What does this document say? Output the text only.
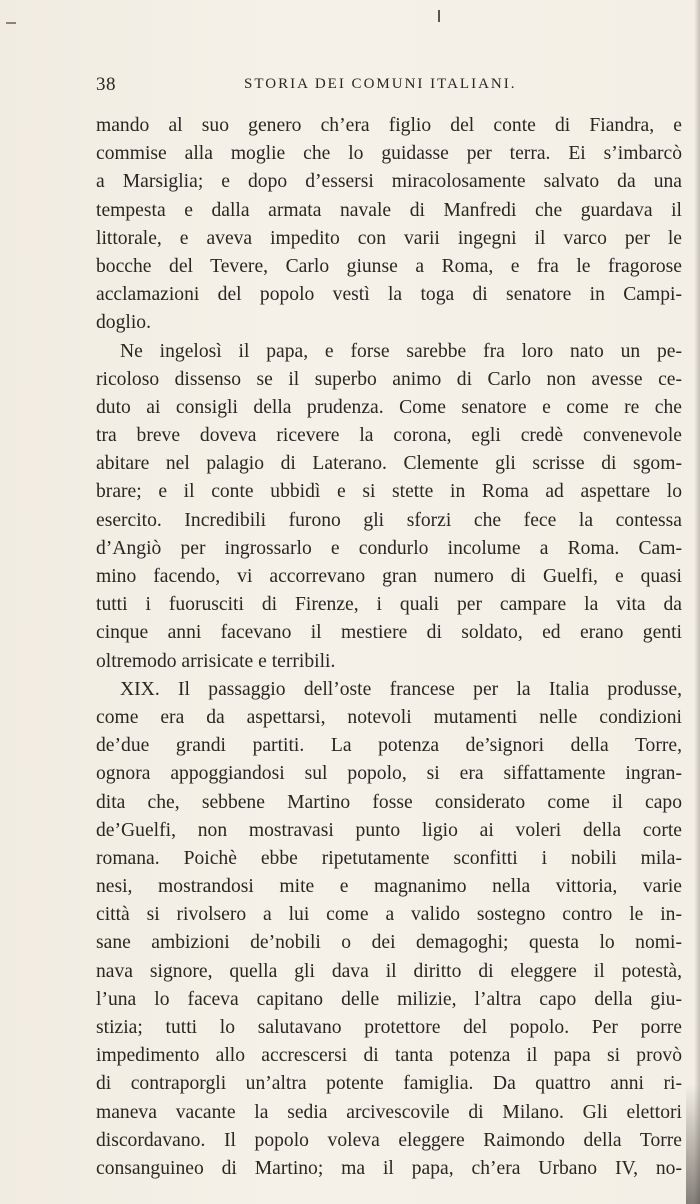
38	STORIA DEI COMUNI ITALIANI.
mando al suo genero ch’era figlio del conte di Fiandra, e
commise alla moglie che lo guidasse per terra. Ei s’imbarcò
a Marsiglia; e dopo d’essersi miracolosamente salvato da una
tempesta e dalla armata navale di Manfredi che guardava il
littorale, e aveva impedito con varii ingegni il varco per le
bocche del Tevere, Carlo giunse a Roma, e fra le fragorose
acclamazioni del popolo vestì la toga di senatore in Campi-
doglio.
Ne ingelosì il papa, e forse sarebbe fra loro nato un pe-
ricoloso dissenso se il superbo animo di Carlo non avesse ce-
duto ai consigli della prudenza. Come senatore e come re che
tra breve doveva ricevere la corona, egli credè convenevole
abitare nel palagio di Laterano. Clemente gli scrisse di sgom-
brare; e il conte ubbidì e si stette in Roma ad aspettare lo
esercito. Incredibili furono gli sforzi che fece la contessa
d’Angiò per ingrossarlo e condurlo incolume a Roma. Cam-
mino facendo, vi accorrevano gran numero di Guelfi, e quasi
tutti i fuorusciti di Firenze, i quali per campare la vita da
cinque anni facevano il mestiere di soldato, ed erano genti
oltremodo arrisicate e terribili.
XIX. Il passaggio dell’oste francese per la Italia produsse,
come era da aspettarsi, notevoli mutamenti nelle condizioni
de’due grandi partiti. La potenza de’signori della Torre,
ognora appoggiandosi sul popolo, si era siffattamente ingran-
dita che, sebbene Martino fosse considerato come il capo
de’Guelfi, non mostravasi punto ligio ai voleri della corte
romana. Poichè ebbe ripetutamente sconfitti i nobili mila-
nesi, mostrandosi mite e magnanimo nella vittoria, varie
città si rivolsero a lui come a valido sostegno contro le in-
sane ambizioni de’nobili o dei demagoghi; questa lo nomi-
nava signore, quella gli dava il diritto di eleggere il potestà,
l’una lo faceva capitano delle milizie, l’altra capo della giu-
stizia; tutti lo salutavano protettore del popolo. Per porre
impedimento allo accrescersi di tanta potenza il papa si provò
di contraporgli un’altra potente famiglia. Da quattro anni ri-
maneva vacante la sedia arcivescovile di Milano. Gli elettori
discordavano. Il popolo voleva eleggere Raimondo della Torre
consanguineo di Martino; ma il papa, ch’era Urbano IV, no-
